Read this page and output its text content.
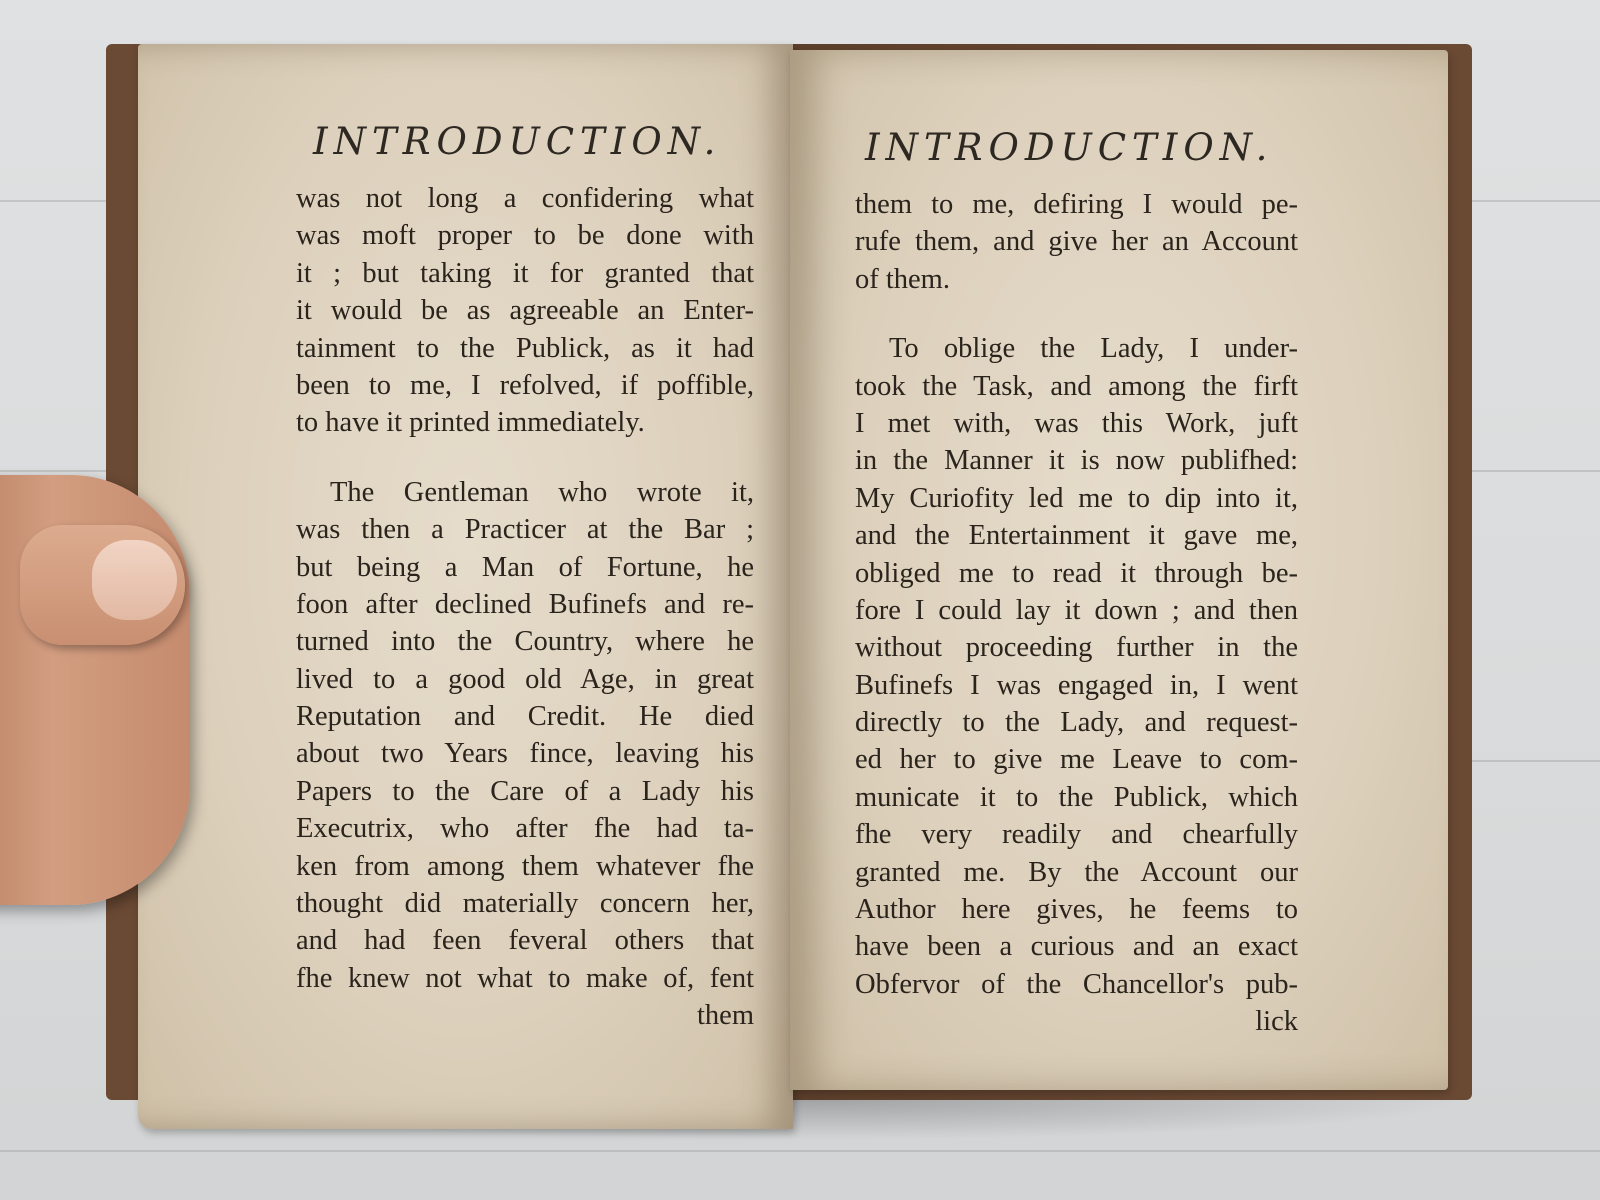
INTRODUCTION.
was not long a confidering what
was moft proper to be done with
it ; but taking it for granted that
it would be as agreeable an Enter-
tainment to the Publick, as it had
been to me, I refolved, if poffible,
to have it printed immediately.
The Gentleman who wrote it,
was then a Practicer at the Bar ;
but being a Man of Fortune, he
foon after declined Bufinefs and re-
turned into the Country, where he
lived to a good old Age, in great
Reputation and Credit. He died
about two Years fince, leaving his
Papers to the Care of a Lady his
Executrix, who after fhe had ta-
ken from among them whatever fhe
thought did materially concern her,
and had feen feveral others that
fhe knew not what to make of, fent
them
INTRODUCTION.
them to me, defiring I would pe-
rufe them, and give her an Account
of them.
To oblige the Lady, I under-
took the Task, and among the firft
I met with, was this Work, juft
in the Manner it is now publifhed:
My Curiofity led me to dip into it,
and the Entertainment it gave me,
obliged me to read it through be-
fore I could lay it down ; and then
without proceeding further in the
Bufinefs I was engaged in, I went
directly to the Lady, and request-
ed her to give me Leave to com-
municate it to the Publick, which
fhe very readily and chearfully
granted me. By the Account our
Author here gives, he feems to
have been a curious and an exact
Obfervor of the Chancellor's pub-
lick
